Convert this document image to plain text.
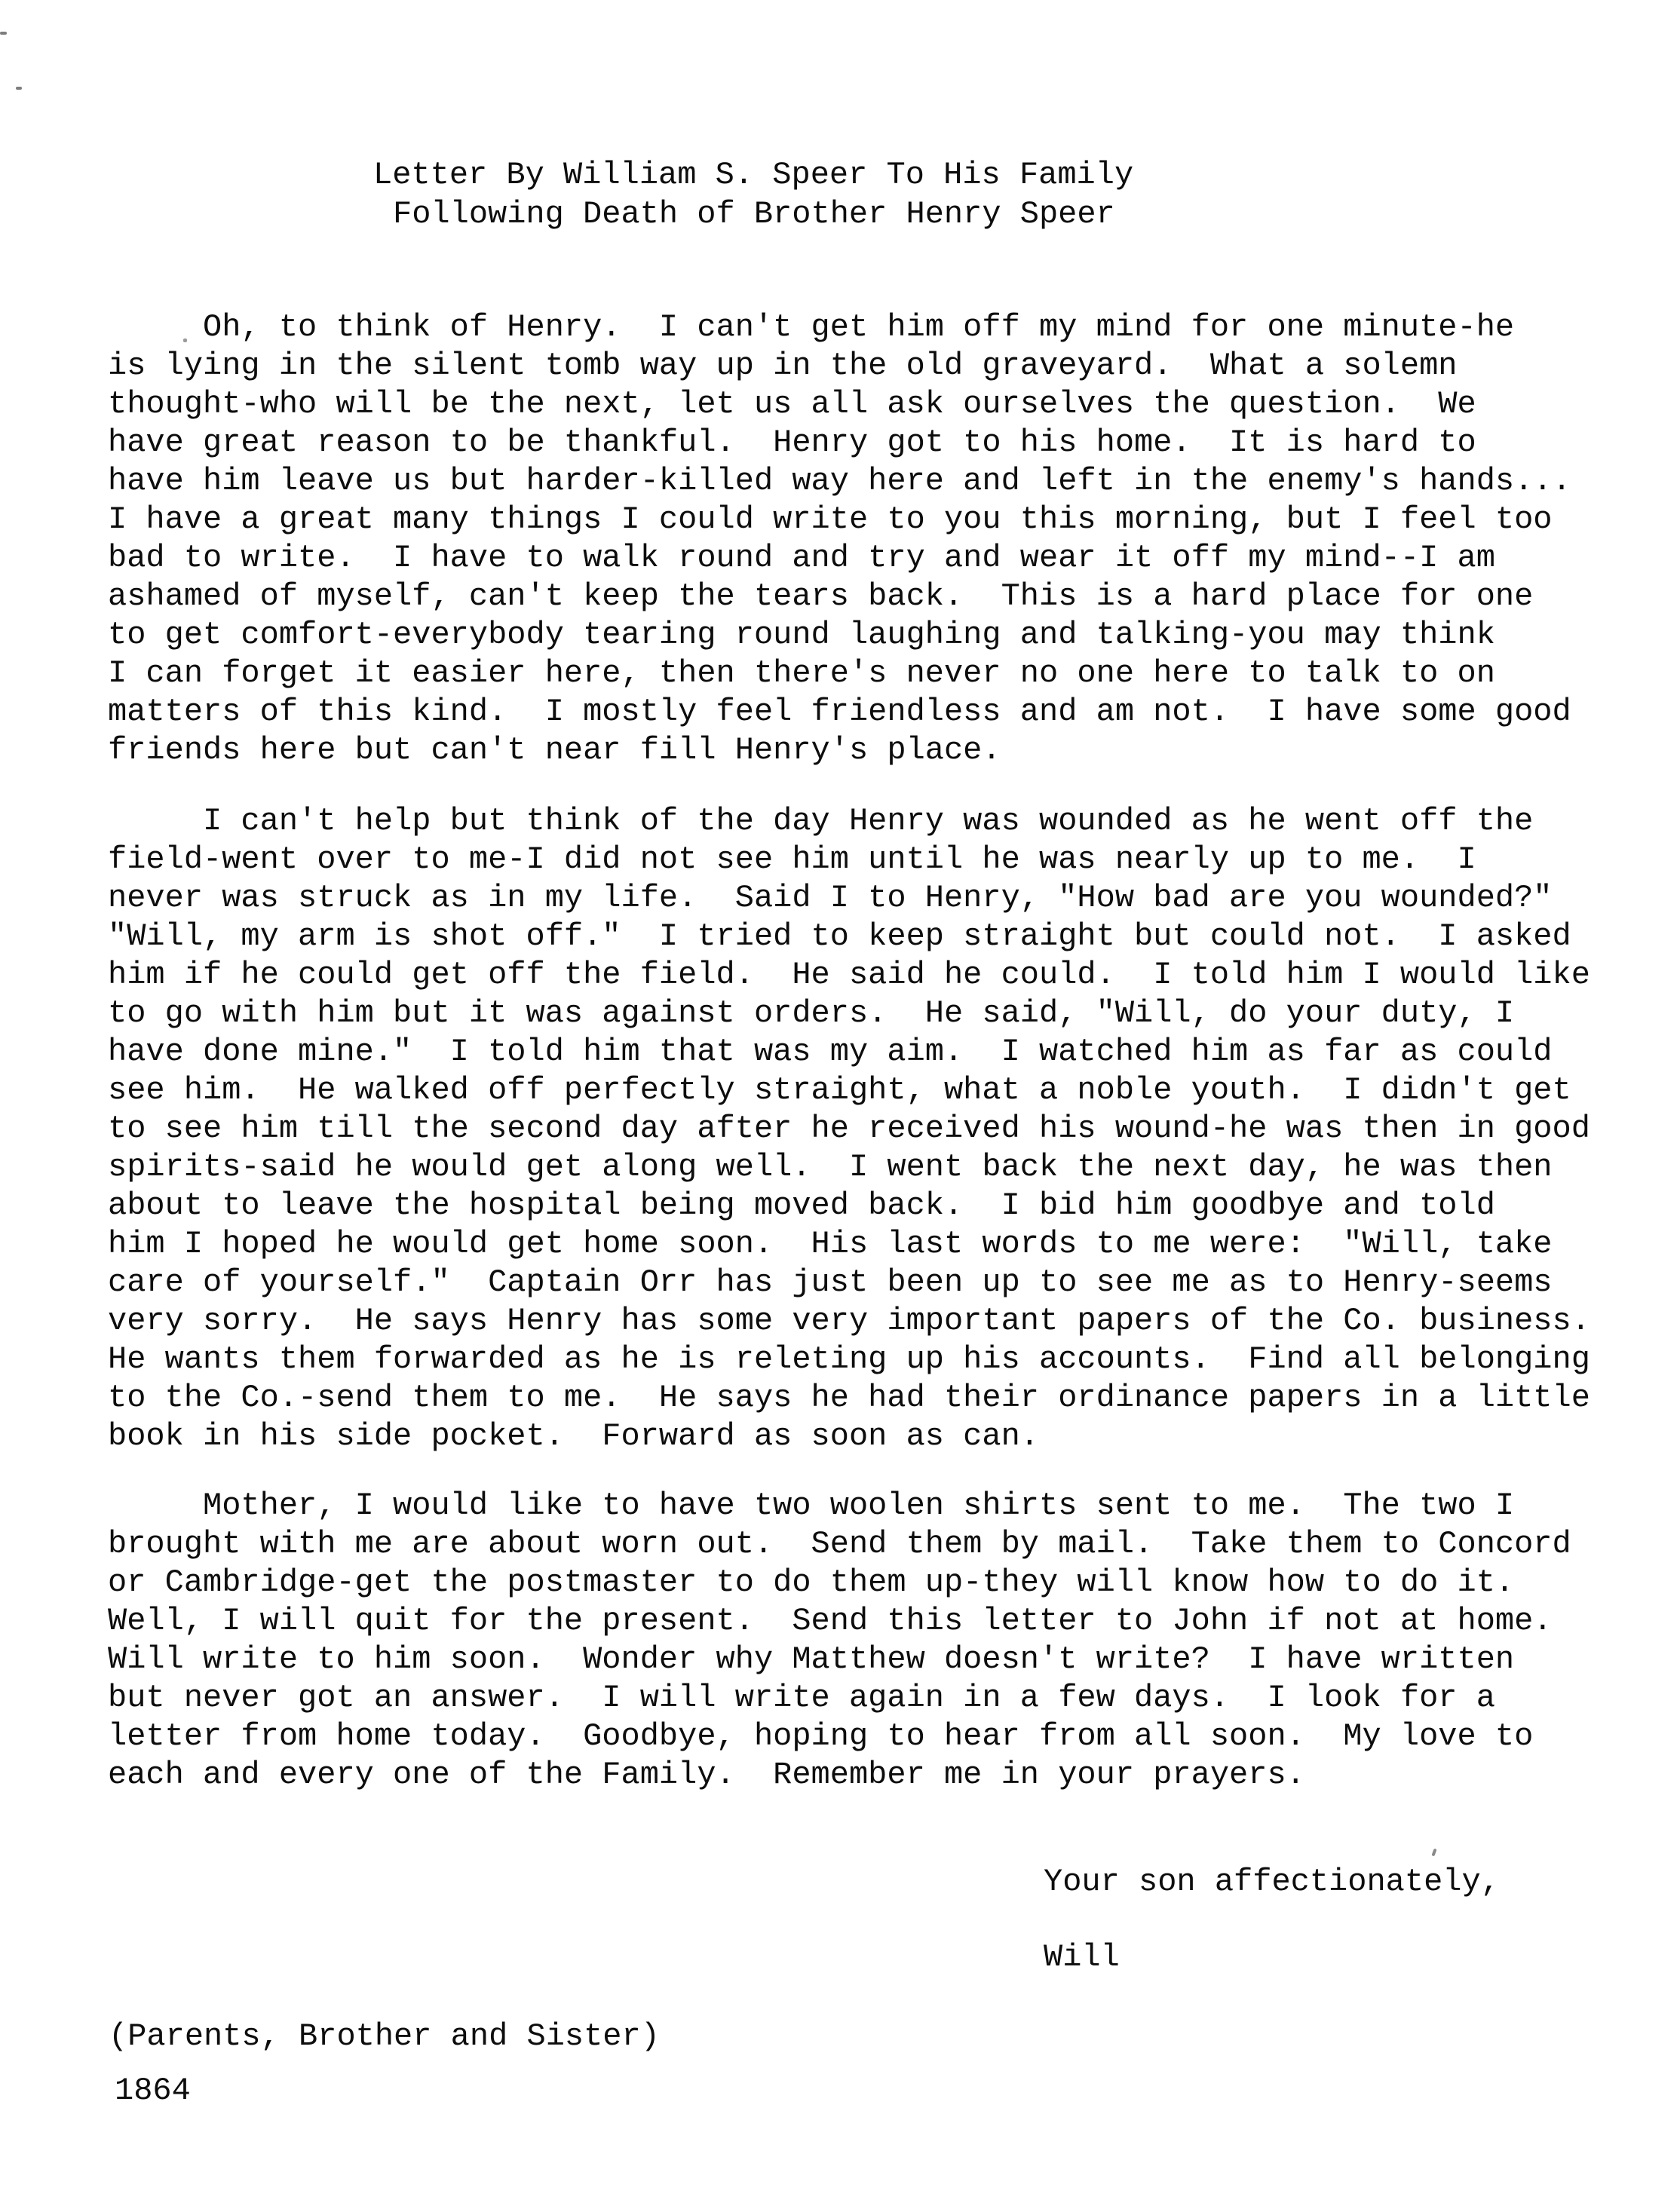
Letter By William S. Speer To His Family
Following Death of Brother Henry Speer
Oh, to think of Henry.  I can't get him off my mind for one minute-he
is lying in the silent tomb way up in the old graveyard.  What a solemn
thought-who will be the next, let us all ask ourselves the question.  We
have great reason to be thankful.  Henry got to his home.  It is hard to
have him leave us but harder-killed way here and left in the enemy's hands...
I have a great many things I could write to you this morning, but I feel too
bad to write.  I have to walk round and try and wear it off my mind--I am
ashamed of myself, can't keep the tears back.  This is a hard place for one
to get comfort-everybody tearing round laughing and talking-you may think
I can forget it easier here, then there's never no one here to talk to on
matters of this kind.  I mostly feel friendless and am not.  I have some good
friends here but can't near fill Henry's place.
I can't help but think of the day Henry was wounded as he went off the
field-went over to me-I did not see him until he was nearly up to me.  I
never was struck as in my life.  Said I to Henry, "How bad are you wounded?"
"Will, my arm is shot off."  I tried to keep straight but could not.  I asked
him if he could get off the field.  He said he could.  I told him I would like
to go with him but it was against orders.  He said, "Will, do your duty, I
have done mine."  I told him that was my aim.  I watched him as far as could
see him.  He walked off perfectly straight, what a noble youth.  I didn't get
to see him till the second day after he received his wound-he was then in good
spirits-said he would get along well.  I went back the next day, he was then
about to leave the hospital being moved back.  I bid him goodbye and told
him I hoped he would get home soon.  His last words to me were:  "Will, take
care of yourself."  Captain Orr has just been up to see me as to Henry-seems
very sorry.  He says Henry has some very important papers of the Co. business.
He wants them forwarded as he is releting up his accounts.  Find all belonging
to the Co.-send them to me.  He says he had their ordinance papers in a little
book in his side pocket.  Forward as soon as can.
Mother, I would like to have two woolen shirts sent to me.  The two I
brought with me are about worn out.  Send them by mail.  Take them to Concord
or Cambridge-get the postmaster to do them up-they will know how to do it.
Well, I will quit for the present.  Send this letter to John if not at home.
Will write to him soon.  Wonder why Matthew doesn't write?  I have written
but never got an answer.  I will write again in a few days.  I look for a
letter from home today.  Goodbye, hoping to hear from all soon.  My love to
each and every one of the Family.  Remember me in your prayers.
Your son affectionately,
Will
(Parents, Brother and Sister)
1864
